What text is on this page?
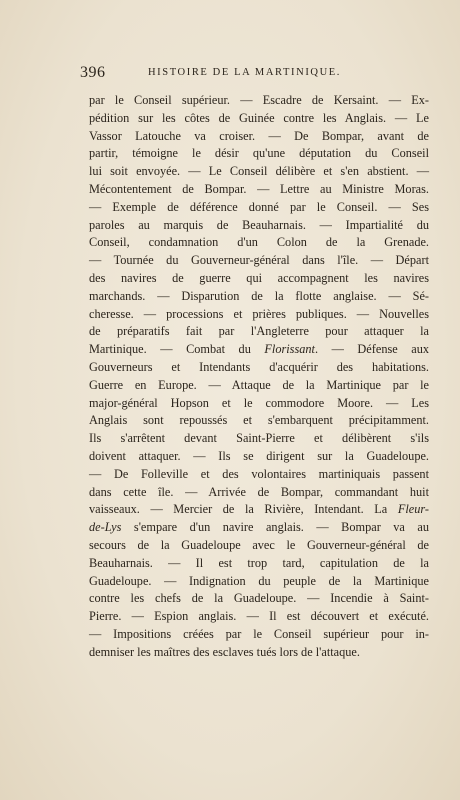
396	HISTOIRE DE LA MARTINIQUE.
par le Conseil supérieur. — Escadre de Kersaint. — Ex-
pédition sur les côtes de Guinée contre les Anglais. — Le
Vassor Latouche va croiser. — De Bompar, avant de
partir, témoigne le désir qu'une députation du Conseil
lui soit envoyée. — Le Conseil délibère et s'en abstient. —
Mécontentement de Bompar. — Lettre au Ministre Moras.
— Exemple de déférence donné par le Conseil. — Ses
paroles au marquis de Beauharnais. — Impartialité du
Conseil, condamnation d'un Colon de la Grenade.
— Tournée du Gouverneur-général dans l'île. — Départ
des navires de guerre qui accompagnent les navires
marchands. — Disparution de la flotte anglaise. — Sé-
cheresse. — processions et prières publiques. — Nouvelles
de préparatifs fait par l'Angleterre pour attaquer la
Martinique. — Combat du Florissant. — Défense aux
Gouverneurs et Intendants d'acquérir des habitations.
Guerre en Europe. — Attaque de la Martinique par le
major-général Hopson et le commodore Moore. — Les
Anglais sont repoussés et s'embarquent précipitamment.
Ils s'arrêtent devant Saint-Pierre et délibèrent s'ils
doivent attaquer. — Ils se dirigent sur la Guadeloupe.
— De Folleville et des volontaires martiniquais passent
dans cette île. — Arrivée de Bompar, commandant huit
vaisseaux. — Mercier de la Rivière, Intendant. La Fleur-
de-Lys s'empare d'un navire anglais. — Bompar va au
secours de la Guadeloupe avec le Gouverneur-général de
Beauharnais. — Il est trop tard, capitulation de la
Guadeloupe. — Indignation du peuple de la Martinique
contre les chefs de la Guadeloupe. — Incendie à Saint-
Pierre. — Espion anglais. — Il est découvert et exécuté.
— Impositions créées par le Conseil supérieur pour in-
demniser les maîtres des esclaves tués lors de l'attaque.
